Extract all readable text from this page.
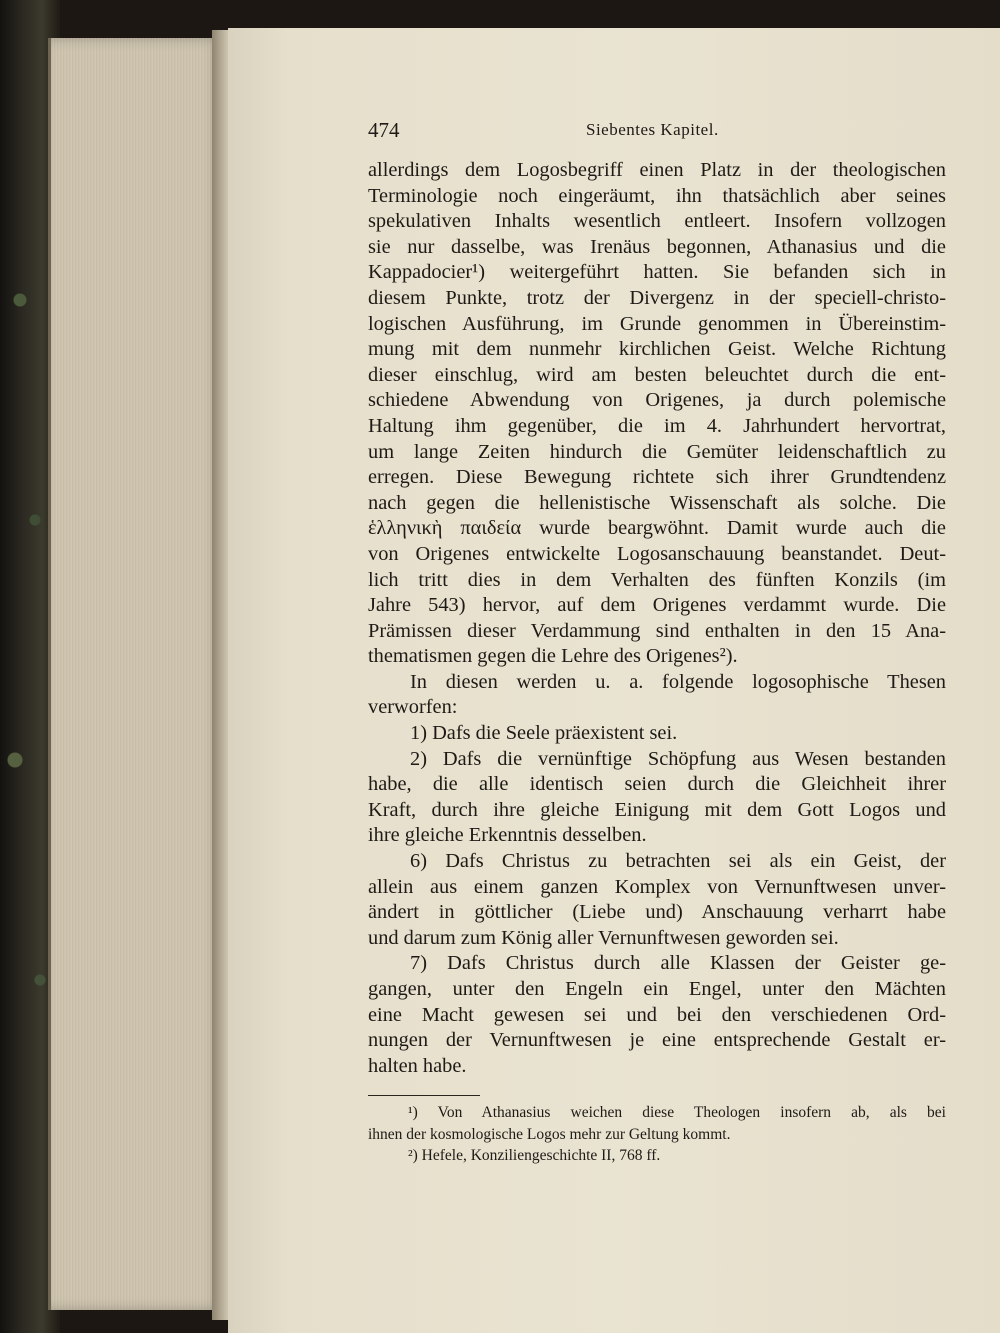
474	Siebentes Kapitel.
allerdings dem Logosbegriff einen Platz in der theologischen
Terminologie noch eingeräumt, ihn thatsächlich aber seines
spekulativen Inhalts wesentlich entleert. Insofern vollzogen
sie nur dasselbe, was Irenäus begonnen, Athanasius und die
Kappadocier¹) weitergeführt hatten. Sie befanden sich in
diesem Punkte, trotz der Divergenz in der speciell-christo-
logischen Ausführung, im Grunde genommen in Übereinstim-
mung mit dem nunmehr kirchlichen Geist. Welche Richtung
dieser einschlug, wird am besten beleuchtet durch die ent-
schiedene Abwendung von Origenes, ja durch polemische
Haltung ihm gegenüber, die im 4. Jahrhundert hervortrat,
um lange Zeiten hindurch die Gemüter leidenschaftlich zu
erregen. Diese Bewegung richtete sich ihrer Grundtendenz
nach gegen die hellenistische Wissenschaft als solche. Die
ἑλληνικὴ παιδεία wurde beargwöhnt. Damit wurde auch die
von Origenes entwickelte Logosanschauung beanstandet. Deut-
lich tritt dies in dem Verhalten des fünften Konzils (im
Jahre 543) hervor, auf dem Origenes verdammt wurde. Die
Prämissen dieser Verdammung sind enthalten in den 15 Ana-
thematismen gegen die Lehre des Origenes²).
In diesen werden u. a. folgende logosophische Thesen
verworfen:
1) Dafs die Seele präexistent sei.
2) Dafs die vernünftige Schöpfung aus Wesen bestanden
habe, die alle identisch seien durch die Gleichheit ihrer
Kraft, durch ihre gleiche Einigung mit dem Gott Logos und
ihre gleiche Erkenntnis desselben.
6) Dafs Christus zu betrachten sei als ein Geist, der
allein aus einem ganzen Komplex von Vernunftwesen unver-
ändert in göttlicher (Liebe und) Anschauung verharrt habe
und darum zum König aller Vernunftwesen geworden sei.
7) Dafs Christus durch alle Klassen der Geister ge-
gangen, unter den Engeln ein Engel, unter den Mächten
eine Macht gewesen sei und bei den verschiedenen Ord-
nungen der Vernunftwesen je eine entsprechende Gestalt er-
halten habe.
¹) Von Athanasius weichen diese Theologen insofern ab, als bei
ihnen der kosmologische Logos mehr zur Geltung kommt.
²) Hefele, Konziliengeschichte II, 768 ff.
